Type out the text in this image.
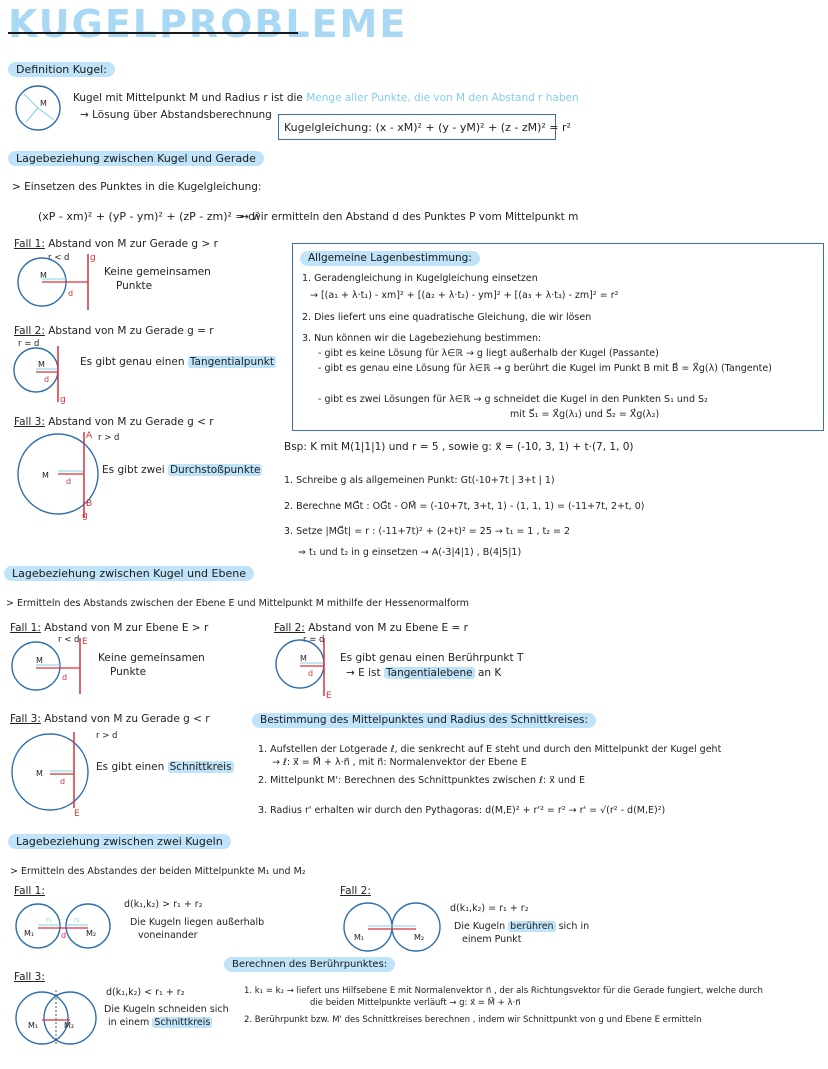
KUGELPROBLEME
Definition Kugel:
M Kugel mit Mittelpunkt M und Radius r ist die Menge aller Punkte, die von M den Abstand r haben
→ Lösung über Abstandsberechnung
Kugelgleichung: (x - xM)² + (y - yM)² + (z - zM)² = r²
Lagebeziehung zwischen Kugel und Gerade
> Einsetzen des Punktes in die Kugelgleichung:
(xP - xm)² + (yP - ym)² + (zP - zm)² = d²
→ wir ermitteln den Abstand d des Punktes P vom Mittelpunkt m
Fall 1: Abstand von M zur Gerade g > r
r < d
M
g
d
Keine gemeinsamen
Punkte
Fall 2: Abstand von M zu Gerade g = r
r = d
M
g
d
Es gibt genau einen Tangentialpunkt
Fall 3: Abstand von M zu Gerade g < r
r > d
M
A
B
g
d
Es gibt zwei Durchstoßpunkte
Allgemeine Lagenbestimmung:
1. Geradengleichung in Kugelgleichung einsetzen
→ [(a₁ + λ·t₁) - xm]² + [(a₂ + λ·t₂) - ym]² + [(a₃ + λ·t₃) - zm]² = r²
2. Dies liefert uns eine quadratische Gleichung, die wir lösen
3. Nun können wir die Lagebeziehung bestimmen:
- gibt es keine Lösung für λ∈ℝ → g liegt außerhalb der Kugel (Passante)
- gibt es genau eine Lösung für λ∈ℝ → g berührt die Kugel im Punkt B mit B⃗ = X⃗g(λ) (Tangente)
- gibt es zwei Lösungen für λ∈ℝ → g schneidet die Kugel in den Punkten S₁ und S₂
mit S⃗₁ = X⃗g(λ₁) und S⃗₂ = X⃗g(λ₂)
Bsp: K mit M(1|1|1) und r = 5 , sowie g: x⃗ = (-10, 3, 1) + t·(7, 1, 0)
1. Schreibe g als allgemeinen Punkt: Gt(-10+7t | 3+t | 1)
2. Berechne MG⃗t : OG⃗t - OM⃗ = (-10+7t, 3+t, 1) - (1, 1, 1) = (-11+7t, 2+t, 0)
3. Setze |MG⃗t| = r : (-11+7t)² + (2+t)² = 25 → t₁ = 1 , t₂ = 2
⇒ t₁ und t₂ in g einsetzen → A(-3|4|1) , B(4|5|1)
Lagebeziehung zwischen Kugel und Ebene
> Ermitteln des Abstands zwischen der Ebene E und Mittelpunkt M mithilfe der Hessenormalform
Fall 1: Abstand von M zur Ebene E > r
r < d
M
E
d
Keine gemeinsamen
Punkte
Fall 2: Abstand von M zu Ebene E = r
r = d
M
E
d
Es gibt genau einen Berührpunkt T
→ E ist Tangentialebene an K
Fall 3: Abstand von M zu Gerade g < r
r > d
M
E
d
Es gibt einen Schnittkreis
Bestimmung des Mittelpunktes und Radius des Schnittkreises:
1. Aufstellen der Lotgerade ℓ, die senkrecht auf E steht und durch den Mittelpunkt der Kugel geht
→ ℓ: x⃗ = M⃗ + λ·n⃗ , mit n⃗: Normalenvektor der Ebene E
2. Mittelpunkt M': Berechnen des Schnittpunktes zwischen ℓ: x⃗ und E
3. Radius r' erhalten wir durch den Pythagoras: d(M,E)² + r'² = r² → r' = √(r² - d(M,E)²)
Lagebeziehung zwischen zwei Kugeln
> Ermitteln des Abstandes der beiden Mittelpunkte M₁ und M₂
Fall 1:
M₁	M₂
r₁	r₂
d
d(k₁,k₂) > r₁ + r₂
Die Kugeln liegen außerhalb
voneinander
Fall 2:
M₁	M₂
d(k₁,k₂) = r₁ + r₂
Die Kugeln berühren sich in
einem Punkt
Berechnen des Berührpunktes:
Fall 3:
M₁	M₂
d(k₁,k₂) < r₁ + r₂
Die Kugeln schneiden sich
in einem Schnittkreis
1. k₁ = k₂ → liefert uns Hilfsebene E mit Normalenvektor n⃗ , der als Richtungsvektor für die Gerade fungiert, welche durch
die beiden Mittelpunkte verläuft → g: x⃗ = M⃗ + λ·n⃗
2. Berührpunkt bzw. M' des Schnittkreises berechnen , indem wir Schnittpunkt von g und Ebene E ermitteln
